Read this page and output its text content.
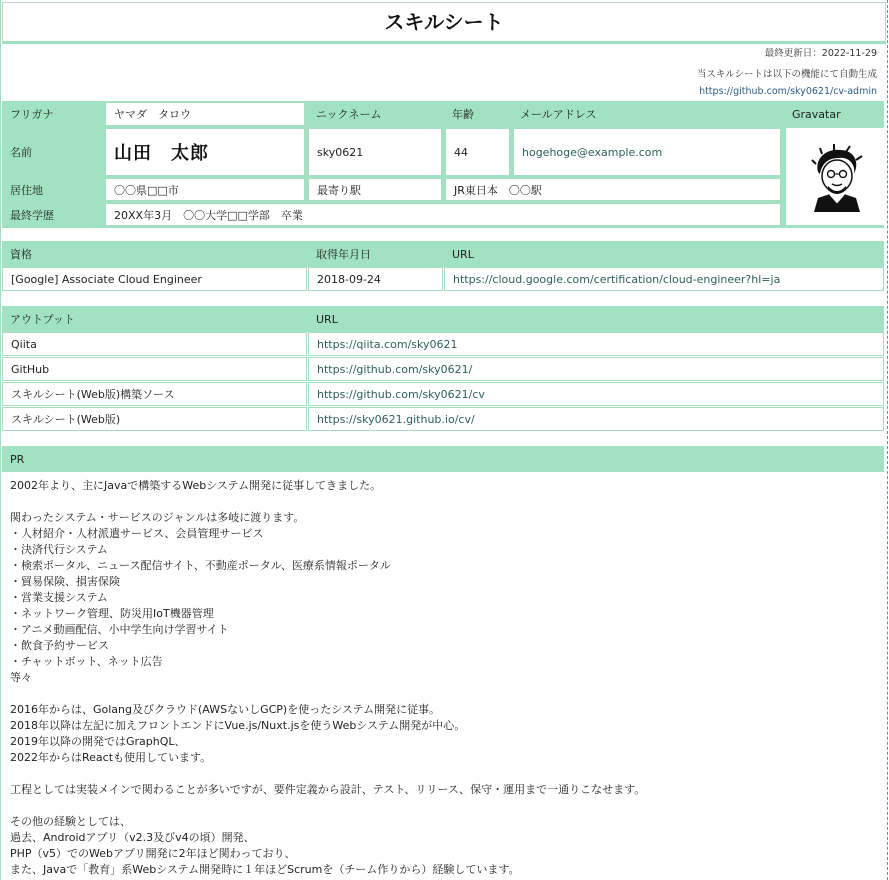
スキルシート
最終更新日：2022-11-29
当スキルシートは以下の機能にて自動生成
https://github.com/sky0621/cv-admin
フリガナ	ヤマダ　タロウ	ニックネーム	年齢	メールアドレス	Gravatar
名前	山田　太郎	sky0621	44	hogehoge@example.com
居住地	〇〇県□□市	最寄り駅	JR東日本　〇〇駅
最終学歴	20XX年3月　〇〇大学□□学部　卒業
資格	取得年月日	URL
[Google] Associate Cloud Engineer	2018-09-24	https://cloud.google.com/certification/cloud-engineer?hl=ja
アウトプット	URL
Qiita	https://qiita.com/sky0621
GitHub	https://github.com/sky0621/
スキルシート(Web版)構築ソース	https://github.com/sky0621/cv
スキルシート(Web版)	https://sky0621.github.io/cv/
PR
2002年より、主にJavaで構築するWebシステム開発に従事してきました。
関わったシステム・サービスのジャンルは多岐に渡ります。
・人材紹介・人材派遣サービス、会員管理サービス
・決済代行システム
・検索ポータル、ニュース配信サイト、不動産ポータル、医療系情報ポータル
・貿易保険、損害保険
・営業支援システム
・ネットワーク管理、防災用IoT機器管理
・アニメ動画配信、小中学生向け学習サイト
・飲食予約サービス
・チャットボット、ネット広告
等々
2016年からは、Golang及びクラウド(AWSないしGCP)を使ったシステム開発に従事。
2018年以降は左記に加えフロントエンドにVue.js/Nuxt.jsを使うWebシステム開発が中心。
2019年以降の開発ではGraphQL、
2022年からはReactも使用しています。
工程としては実装メインで関わることが多いですが、要件定義から設計、テスト、リリース、保守・運用まで一通りこなせます。
その他の経験としては、
過去、Androidアプリ（v2.3及びv4の頃）開発、
PHP（v5）でのWebアプリ開発に2年ほど関わっており、
また、Javaで「教育」系Webシステム開発時に１年ほどScrumを（チーム作りから）経験しています。
